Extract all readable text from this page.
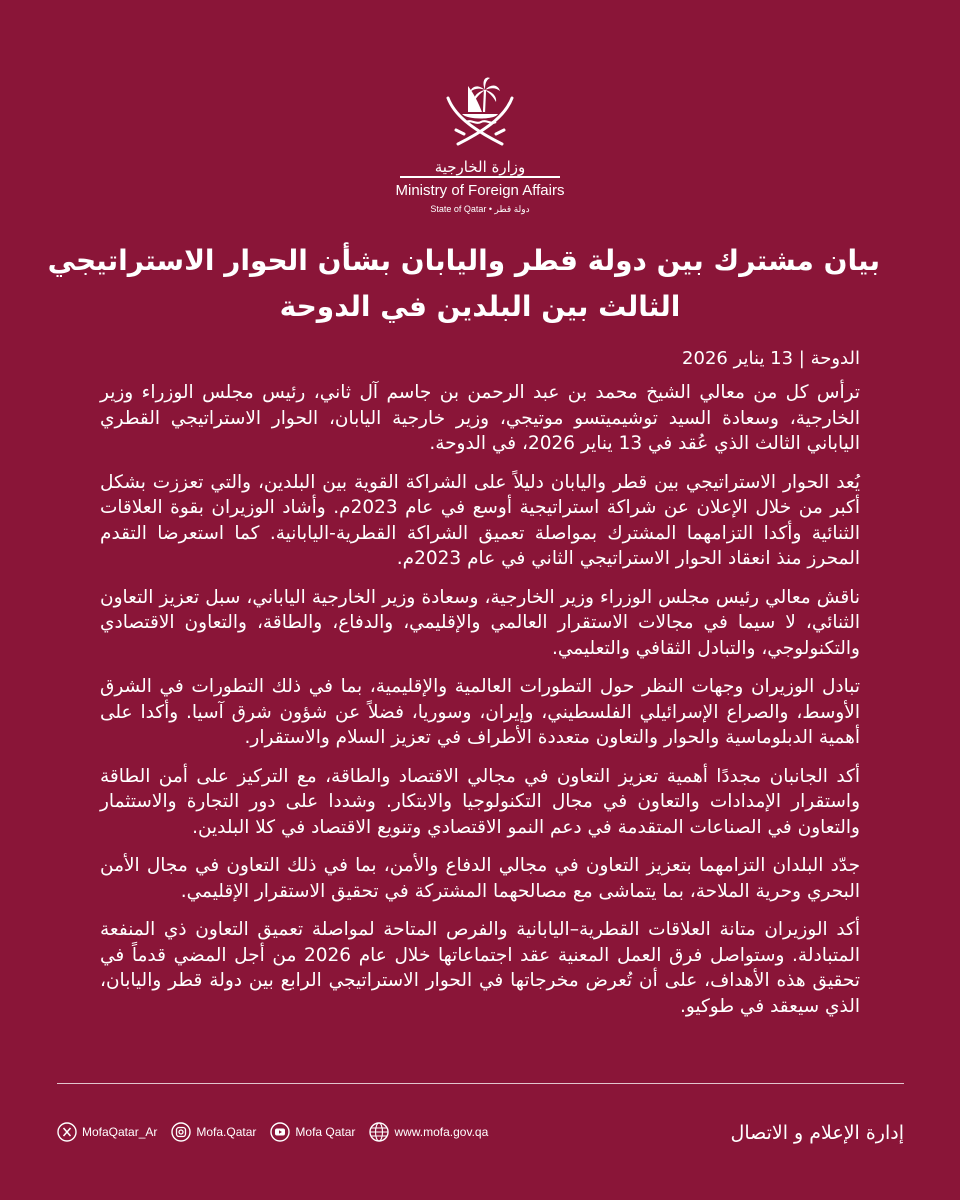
وزارة الخارجية
Ministry of Foreign Affairs
State of Qatar • دولة قطر
بيان مشترك بين دولة قطر واليابان بشأن الحوار الاستراتيجي
الثالث بين البلدين في الدوحة

الدوحة | 13 يناير 2026

ترأس كل من معالي الشيخ محمد بن عبد الرحمن بن جاسم آل ثاني، رئيس مجلس الوزراء وزير الخارجية، وسعادة السيد توشيميتسو موتيجي، وزير خارجية اليابان، الحوار الاستراتيجي القطري الياباني الثالث الذي عُقد في 13 يناير 2026، في الدوحة.

يُعد الحوار الاستراتيجي بين قطر واليابان دليلاً على الشراكة القوية بين البلدين، والتي تعززت بشكل أكبر من خلال الإعلان عن شراكة استراتيجية أوسع في عام 2023م. وأشاد الوزيران بقوة العلاقات الثنائية وأكدا التزامهما المشترك بمواصلة تعميق الشراكة القطرية-اليابانية. كما استعرضا التقدم المحرز منذ انعقاد الحوار الاستراتيجي الثاني في عام 2023م.

ناقش معالي رئيس مجلس الوزراء وزير الخارجية، وسعادة وزير الخارجية الياباني، سبل تعزيز التعاون الثنائي، لا سيما في مجالات الاستقرار العالمي والإقليمي، والدفاع، والطاقة، والتعاون الاقتصادي والتكنولوجي، والتبادل الثقافي والتعليمي.

تبادل الوزيران وجهات النظر حول التطورات العالمية والإقليمية، بما في ذلك التطورات في الشرق الأوسط، والصراع الإسرائيلي الفلسطيني، وإيران، وسوريا، فضلاً عن شؤون شرق آسيا. وأكدا على أهمية الدبلوماسية والحوار والتعاون متعددة الأطراف في تعزيز السلام والاستقرار.

أكد الجانبان مجددًا أهمية تعزيز التعاون في مجالي الاقتصاد والطاقة، مع التركيز على أمن الطاقة واستقرار الإمدادات والتعاون في مجال التكنولوجيا والابتكار. وشددا على دور التجارة والاستثمار والتعاون في الصناعات المتقدمة في دعم النمو الاقتصادي وتنويع الاقتصاد في كلا البلدين.

جدّد البلدان التزامهما بتعزيز التعاون في مجالي الدفاع والأمن، بما في ذلك التعاون في مجال الأمن البحري وحرية الملاحة، بما يتماشى مع مصالحهما المشتركة في تحقيق الاستقرار الإقليمي.

أكد الوزيران متانة العلاقات القطرية–اليابانية والفرص المتاحة لمواصلة تعميق التعاون ذي المنفعة المتبادلة. وستواصل فرق العمل المعنية عقد اجتماعاتها خلال عام 2026 من أجل المضي قدماً في تحقيق هذه الأهداف، على أن تُعرض مخرجاتها في الحوار الاستراتيجي الرابع بين دولة قطر واليابان، الذي سيعقد في طوكيو.

MofaQatar_Ar	Mofa.Qatar	Mofa Qatar	www.mofa.gov.qa	إدارة الإعلام و الاتصال
